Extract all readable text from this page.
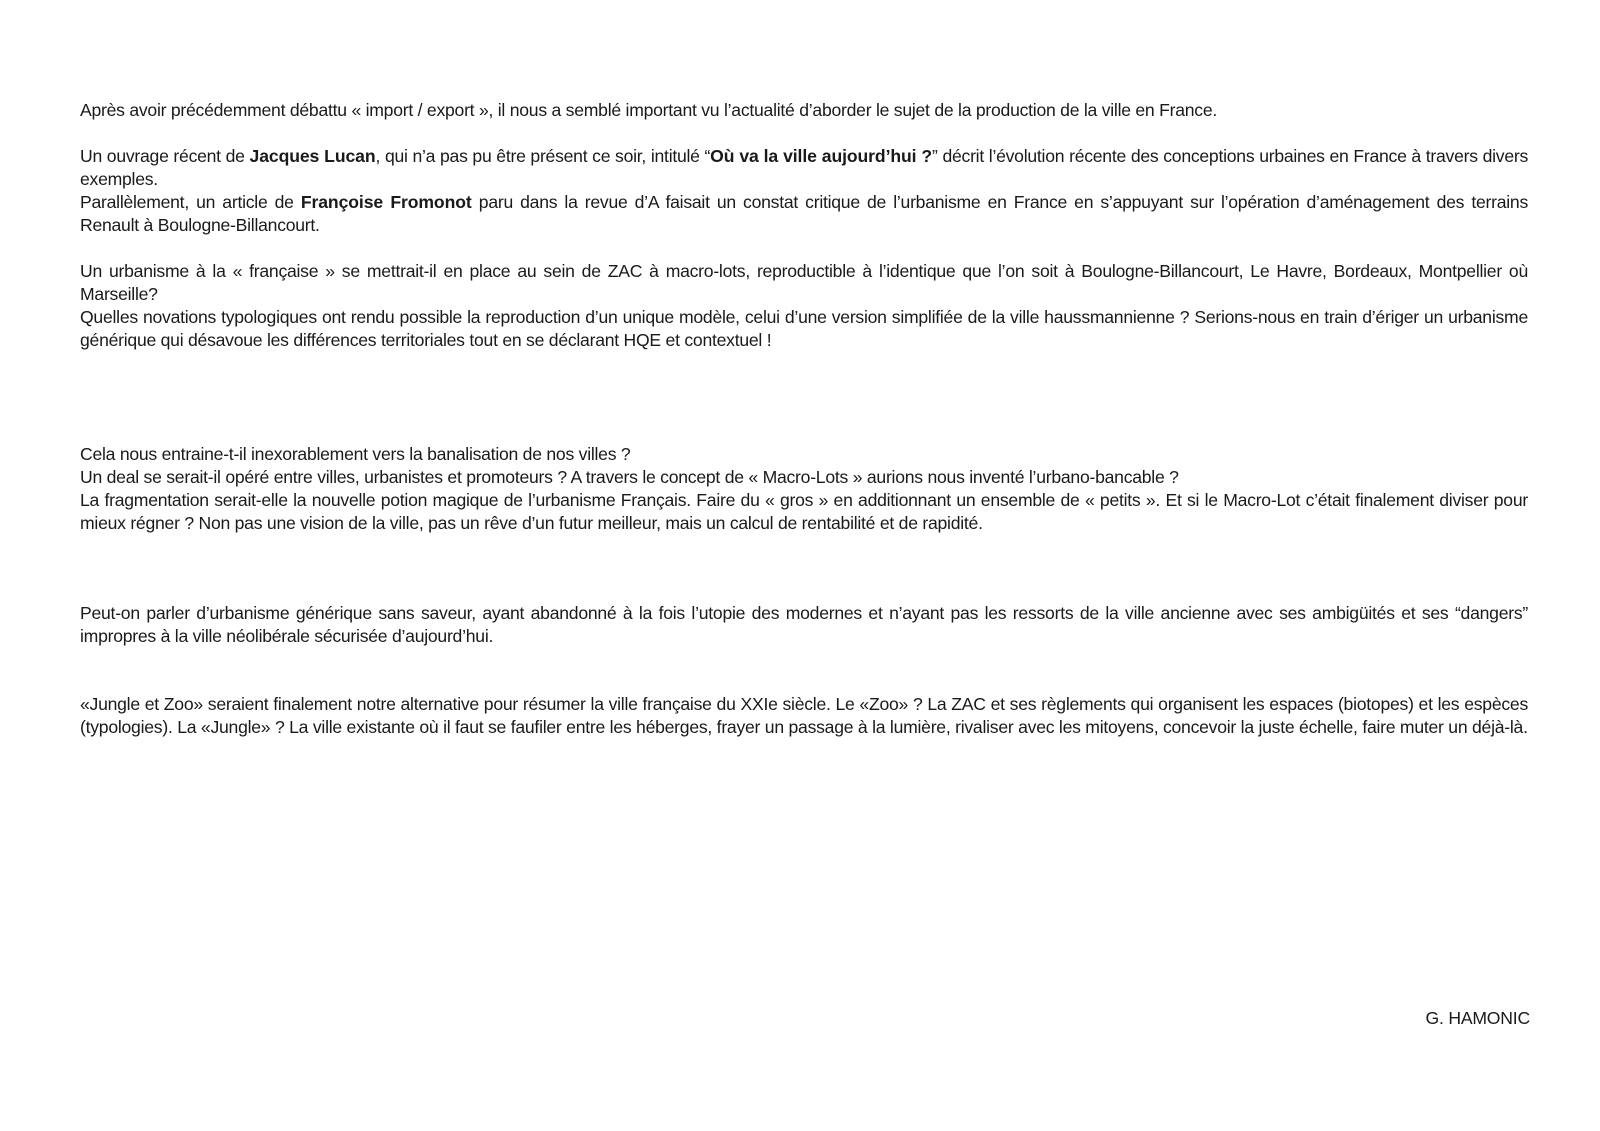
Après avoir précédemment débattu « import / export », il nous a semblé important vu l’actualité d’aborder le sujet de la production de la ville en France.

Un ouvrage récent de Jacques Lucan, qui n’a pas pu être présent ce soir, intitulé “Où va la ville aujourd’hui ?” décrit l’évolution récente des conceptions urbaines en France à travers divers exemples.

Parallèlement, un article de Françoise Fromonot paru dans la revue d’A faisait un constat critique de l’urbanisme en France en s’appuyant sur l’opération d’aménagement des terrains Renault à Boulogne-Billancourt.

Un urbanisme à la « française » se mettrait-il en place au sein de ZAC à macro-lots, reproductible à l’identique que l’on soit à Boulogne-Billancourt, Le Havre, Bordeaux, Montpellier où Marseille?

Quelles novations typologiques ont rendu possible la reproduction d’un unique modèle, celui d’une version simplifiée de la ville haussmannienne ? Serions-nous en train d’ériger un urbanisme générique qui désavoue les différences territoriales tout en se déclarant HQE et contextuel !

Cela nous entraine-t-il inexorablement vers la banalisation de nos villes ?

Un deal se serait-il opéré entre villes, urbanistes et promoteurs ? A travers le concept de « Macro-Lots » aurions nous inventé l’urbano-bancable ?

La fragmentation serait-elle la nouvelle potion magique de l’urbanisme Français. Faire du « gros » en additionnant un ensemble de « petits ». Et si le Macro-Lot c’était finalement diviser pour mieux régner ? Non pas une vision de la ville, pas un rêve d’un futur meilleur, mais un calcul de rentabilité et de rapidité.

Peut-on parler d’urbanisme générique sans saveur, ayant abandonné à la fois l’utopie des modernes et n’ayant pas les ressorts de la ville ancienne avec ses ambigüités et ses “dangers” impropres à la ville néolibérale sécurisée d’aujourd’hui.

«Jungle et Zoo» seraient finalement notre alternative pour résumer la ville française du XXIe siècle. Le «Zoo» ? La ZAC et ses règlements qui organisent les espaces (biotopes) et les espèces (typologies). La «Jungle» ? La ville existante où il faut se faufiler entre les héberges, frayer un passage à la lumière, rivaliser avec les mitoyens, concevoir la juste échelle, faire muter un déjà-là.

G. HAMONIC
